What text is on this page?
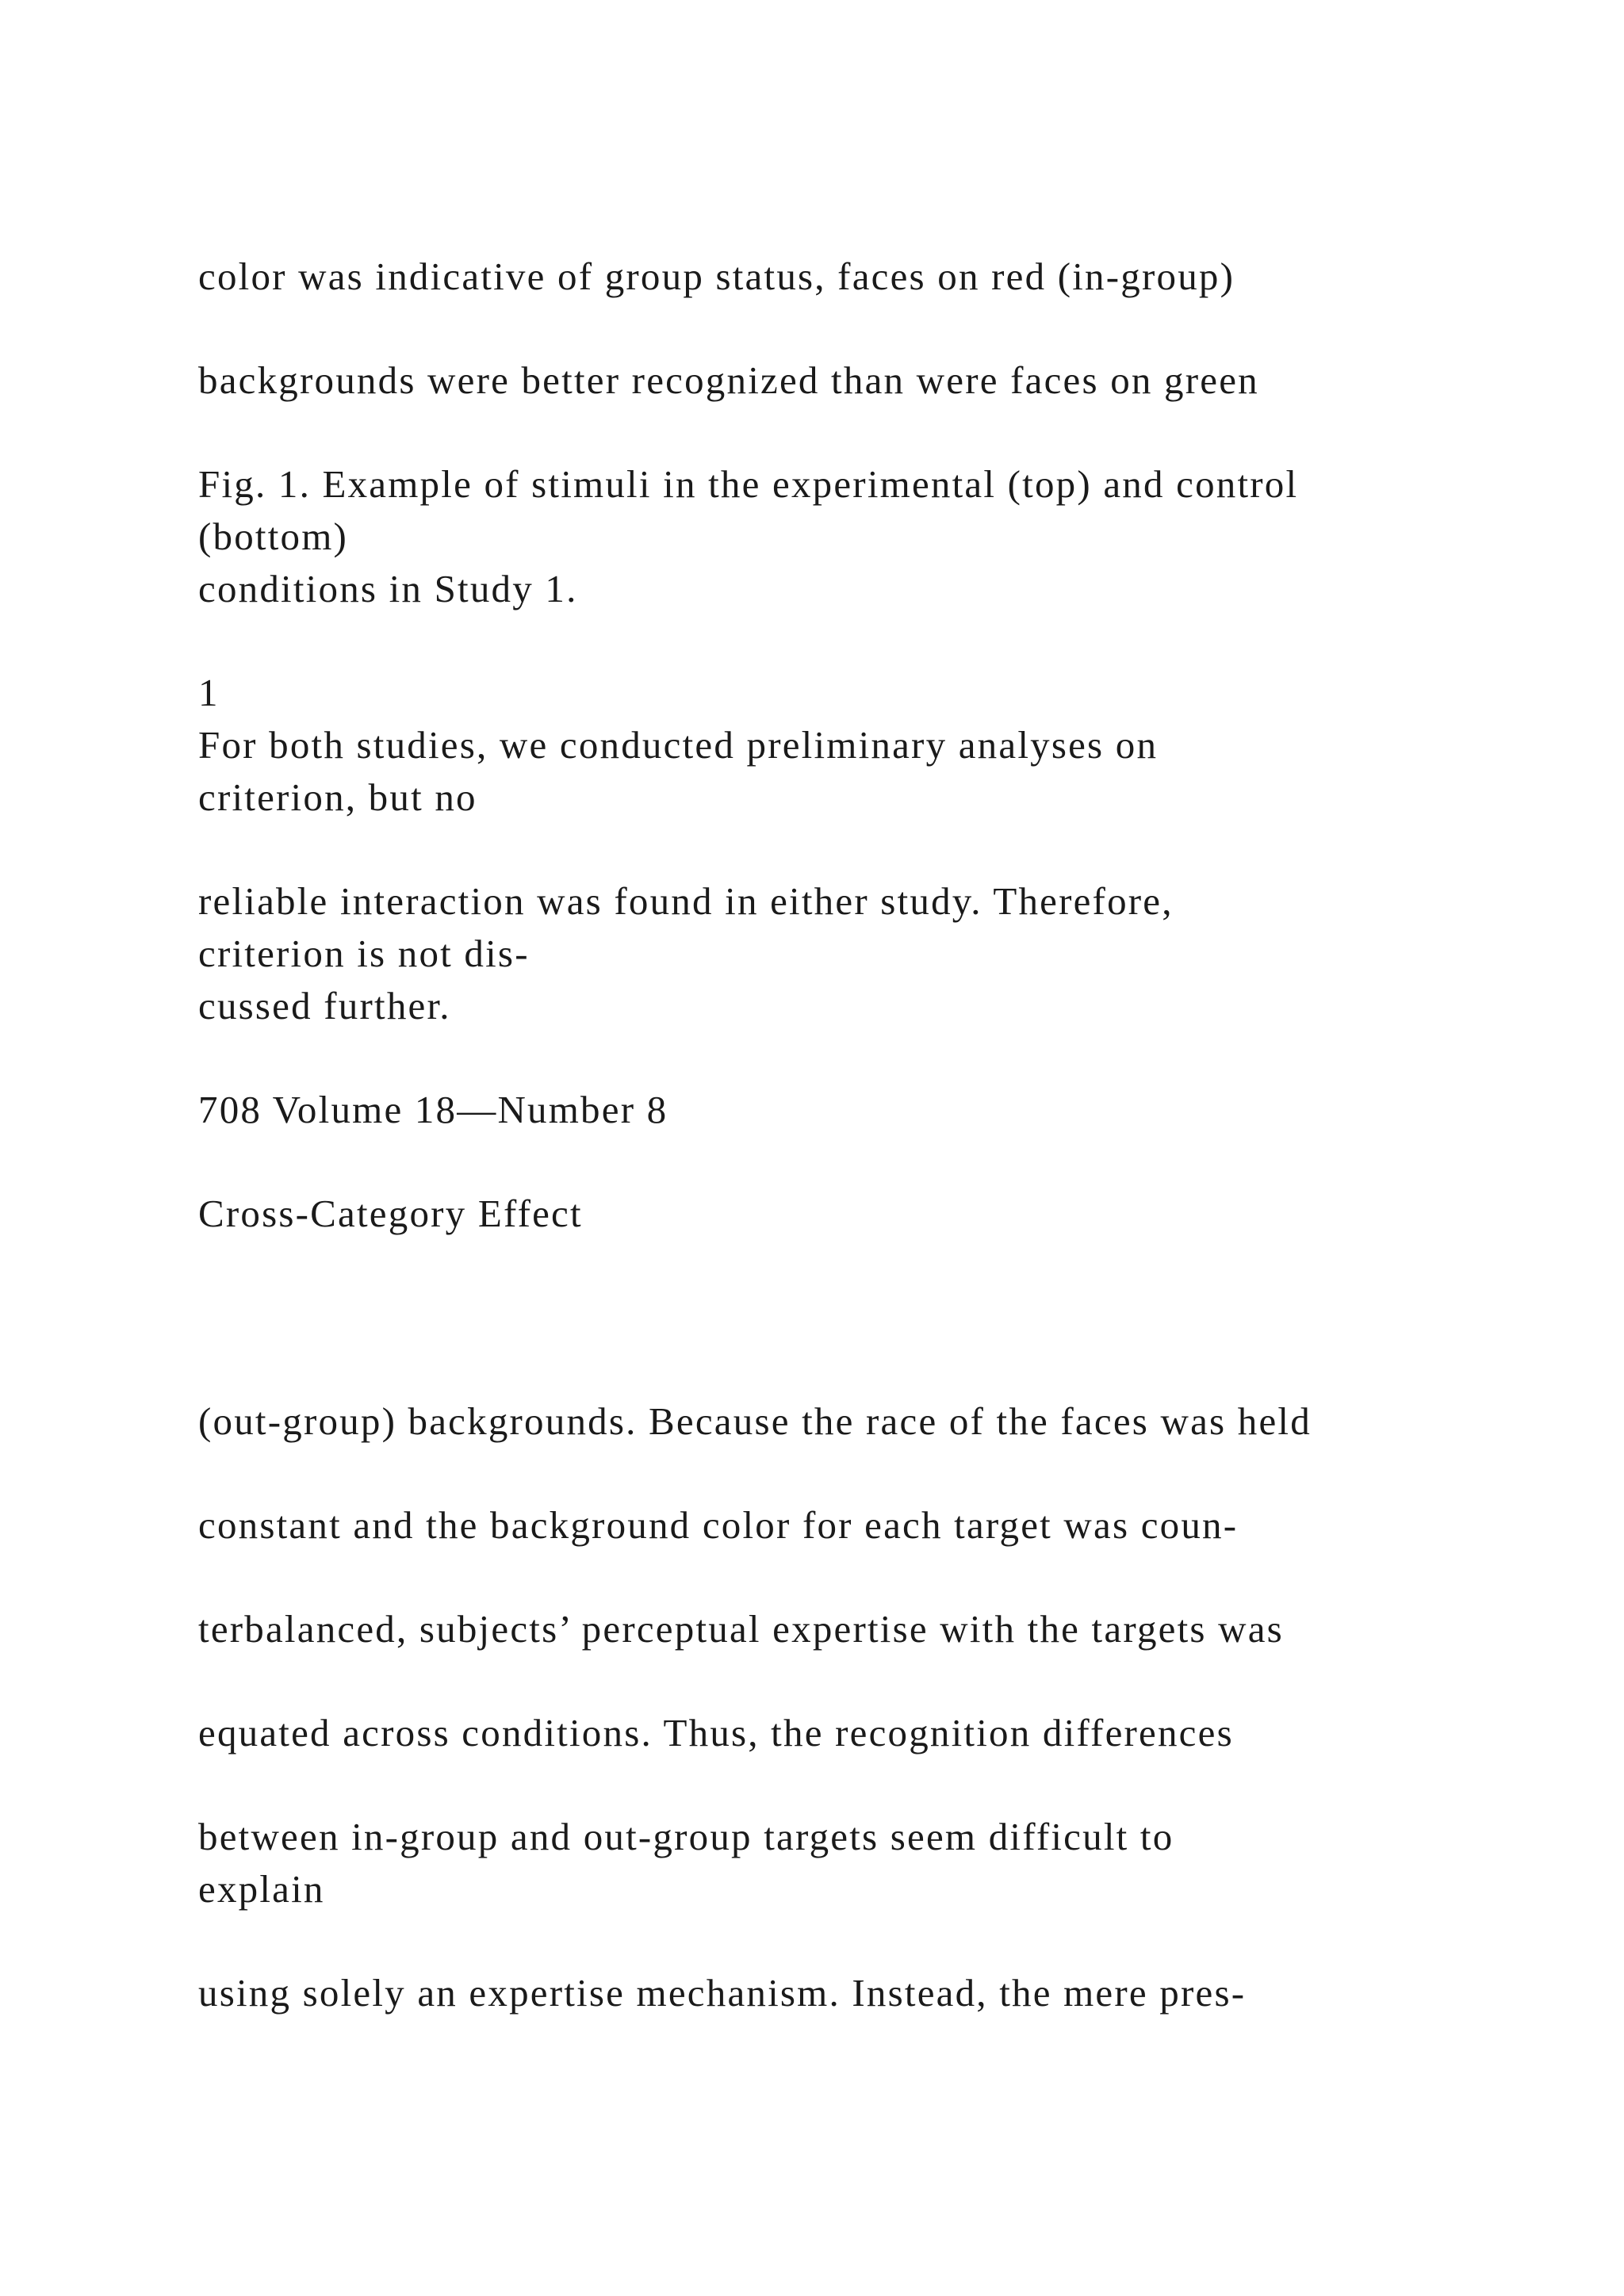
color was indicative of group status, faces on red (in-group)

backgrounds were better recognized than were faces on green

Fig. 1. Example of stimuli in the experimental (top) and control

(bottom)

conditions in Study 1.

1

For both studies, we conducted preliminary analyses on

criterion, but no

reliable interaction was found in either study. Therefore,

criterion is not dis-

cussed further.

708 Volume 18—Number 8

Cross-Category Effect

(out-group) backgrounds. Because the race of the faces was held

constant and the background color for each target was coun-

terbalanced, subjects’ perceptual expertise with the targets was

equated across conditions. Thus, the recognition differences

between in-group and out-group targets seem difficult to

explain

using solely an expertise mechanism. Instead, the mere pres-
